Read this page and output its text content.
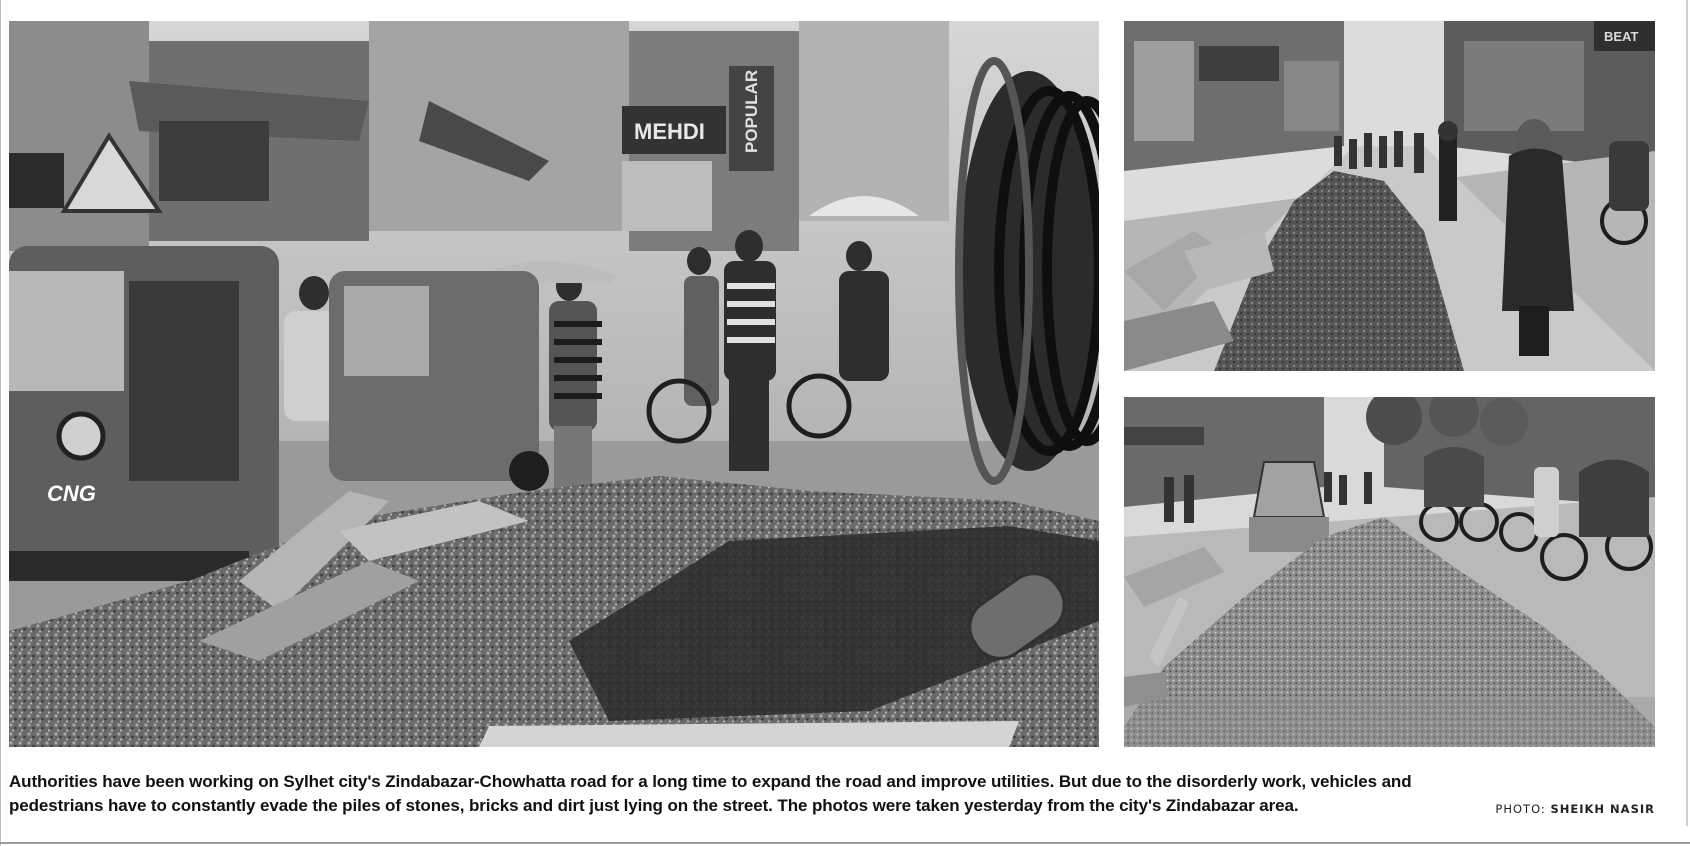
MEHDI POPULAR
CNG
BEAT
Authorities have been working on Sylhet city's Zindabazar-Chowhatta road for a long time to expand the road and improve utilities. But due to the disorderly work, vehicles and pedestrians have to constantly evade the piles of stones, bricks and dirt just lying on the street. The photos were taken yesterday from the city's Zindabazar area.	PHOTO: SHEIKH NASIR
